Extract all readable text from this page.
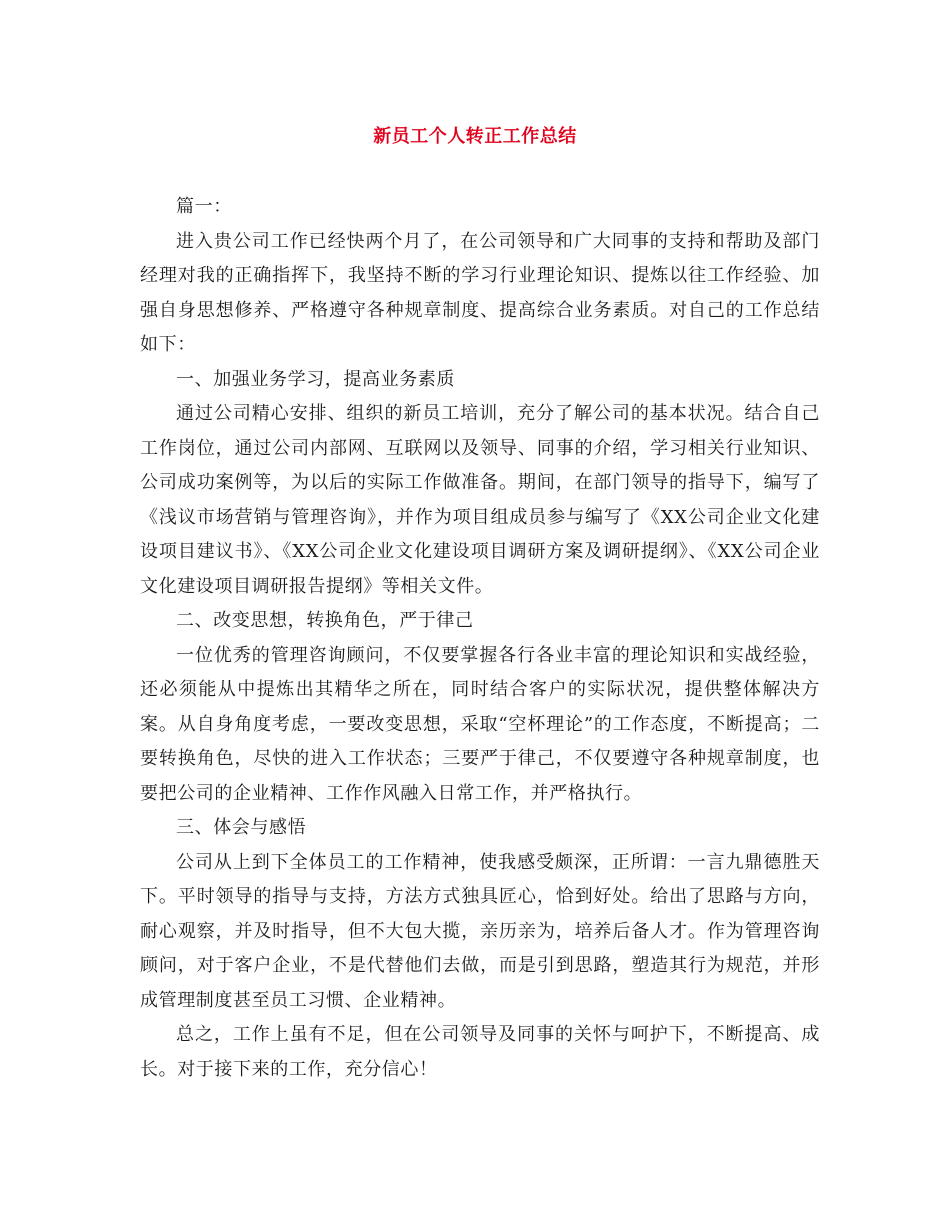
新员工个人转正工作总结

篇一：

进入贵公司工作已经快两个月了，在公司领导和广大同事的支持和帮助及部门经理对我的正确指挥下，我坚持不断的学习行业理论知识、提炼以往工作经验、加强自身思想修养、严格遵守各种规章制度、提高综合业务素质。对自己的工作总结如下：

一、加强业务学习，提高业务素质

通过公司精心安排、组织的新员工培训，充分了解公司的基本状况。结合自己工作岗位，通过公司内部网、互联网以及领导、同事的介绍，学习相关行业知识、公司成功案例等，为以后的实际工作做准备。期间，在部门领导的指导下，编写了《浅议市场营销与管理咨询》，并作为项目组成员参与编写了《XX公司企业文化建设项目建议书》、《XX公司企业文化建设项目调研方案及调研提纲》、《XX公司企业文化建设项目调研报告提纲》等相关文件。

二、改变思想，转换角色，严于律己

一位优秀的管理咨询顾问，不仅要掌握各行各业丰富的理论知识和实战经验，还必须能从中提炼出其精华之所在，同时结合客户的实际状况，提供整体解决方案。从自身角度考虑，一要改变思想，采取“空杯理论”的工作态度，不断提高；二要转换角色，尽快的进入工作状态；三要严于律己，不仅要遵守各种规章制度，也要把公司的企业精神、工作作风融入日常工作，并严格执行。

三、体会与感悟

公司从上到下全体员工的工作精神，使我感受颇深，正所谓：一言九鼎德胜天下。平时领导的指导与支持，方法方式独具匠心，恰到好处。给出了思路与方向，耐心观察，并及时指导，但不大包大揽，亲历亲为，培养后备人才。作为管理咨询顾问，对于客户企业，不是代替他们去做，而是引到思路，塑造其行为规范，并形成管理制度甚至员工习惯、企业精神。

总之，工作上虽有不足，但在公司领导及同事的关怀与呵护下，不断提高、成长。对于接下来的工作，充分信心！
